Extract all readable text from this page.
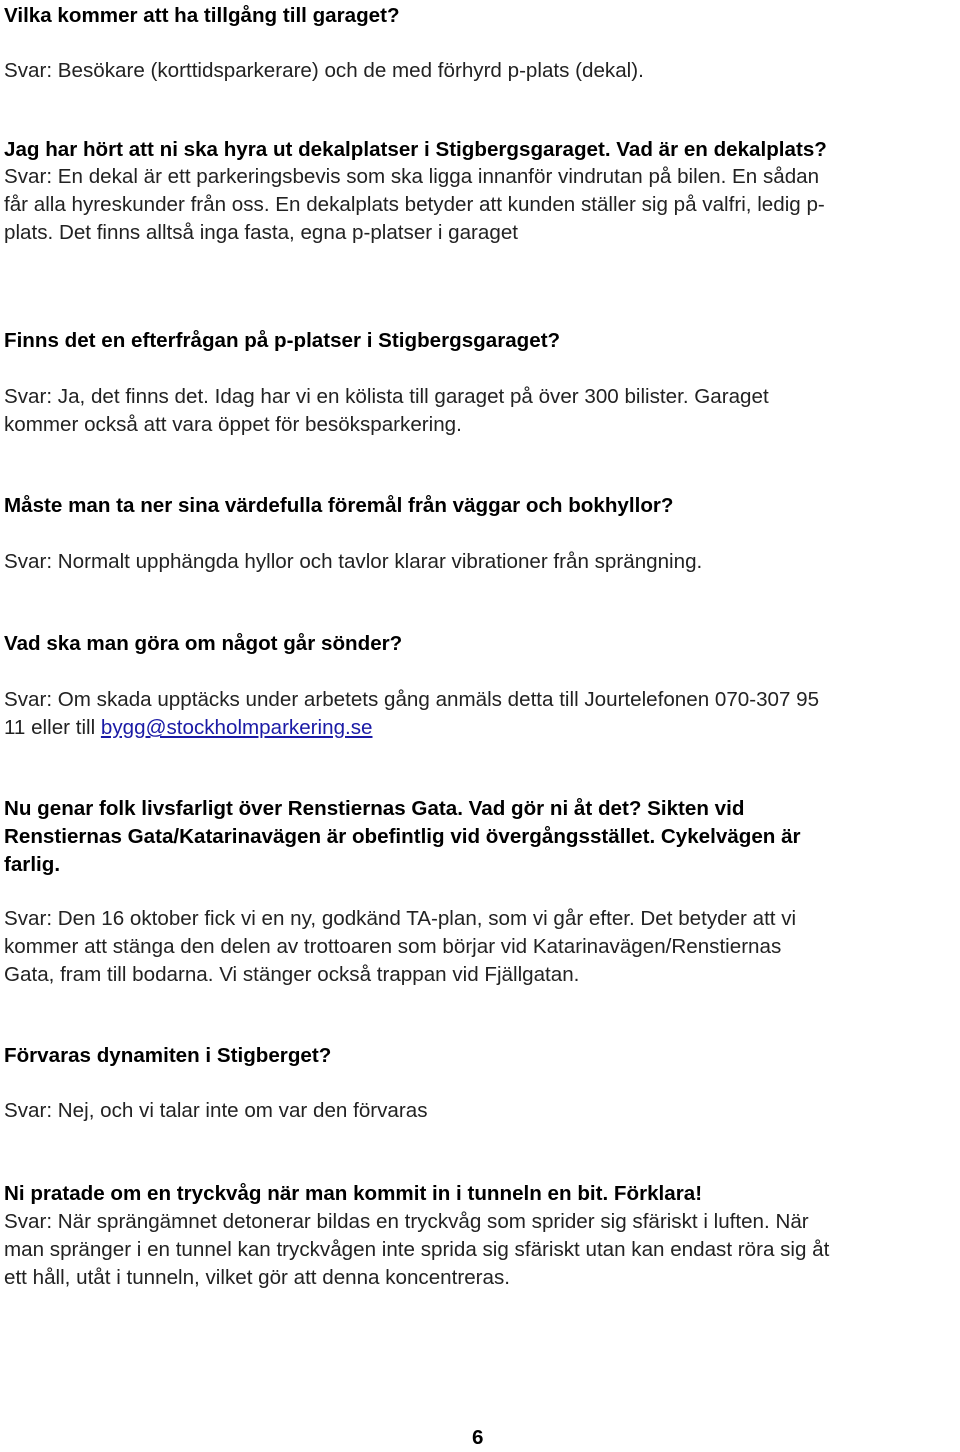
Vilka kommer att ha tillgång till garaget?

Svar: Besökare (korttidsparkerare) och de med förhyrd p-plats (dekal).

Jag har hört att ni ska hyra ut dekalplatser i Stigbergsgaraget. Vad är en dekalplats?

Svar: En dekal är ett parkeringsbevis som ska ligga innanför vindrutan på bilen. En sådan
får alla hyreskunder från oss. En dekalplats betyder att kunden ställer sig på valfri, ledig p-
plats. Det finns alltså inga fasta, egna p-platser i garaget

Finns det en efterfrågan på p-platser i Stigbergsgaraget?

Svar: Ja, det finns det. Idag har vi en kölista till garaget på över 300 bilister. Garaget
kommer också att vara öppet för besöksparkering.

Måste man ta ner sina värdefulla föremål från väggar och bokhyllor?

Svar: Normalt upphängda hyllor och tavlor klarar vibrationer från sprängning.

Vad ska man göra om något går sönder?

Svar: Om skada upptäcks under arbetets gång anmäls detta till Jourtelefonen 070-307 95
11 eller till bygg@stockholmparkering.se

Nu genar folk livsfarligt över Renstiernas Gata. Vad gör ni åt det? Sikten vid
Renstiernas Gata/Katarinavägen är obefintlig vid övergångsstället. Cykelvägen är
farlig.

Svar: Den 16 oktober fick vi en ny, godkänd TA-plan, som vi går efter. Det betyder att vi
kommer att stänga den delen av trottoaren som börjar vid Katarinavägen/Renstiernas
Gata, fram till bodarna. Vi stänger också trappan vid Fjällgatan.

Förvaras dynamiten i Stigberget?

Svar: Nej, och vi talar inte om var den förvaras

Ni pratade om en tryckvåg när man kommit in i tunneln en bit. Förklara!

Svar: När sprängämnet detonerar bildas en tryckvåg som sprider sig sfäriskt i luften. När
man spränger i en tunnel kan tryckvågen inte sprida sig sfäriskt utan kan endast röra sig åt
ett håll, utåt i tunneln, vilket gör att denna koncentreras.

6
